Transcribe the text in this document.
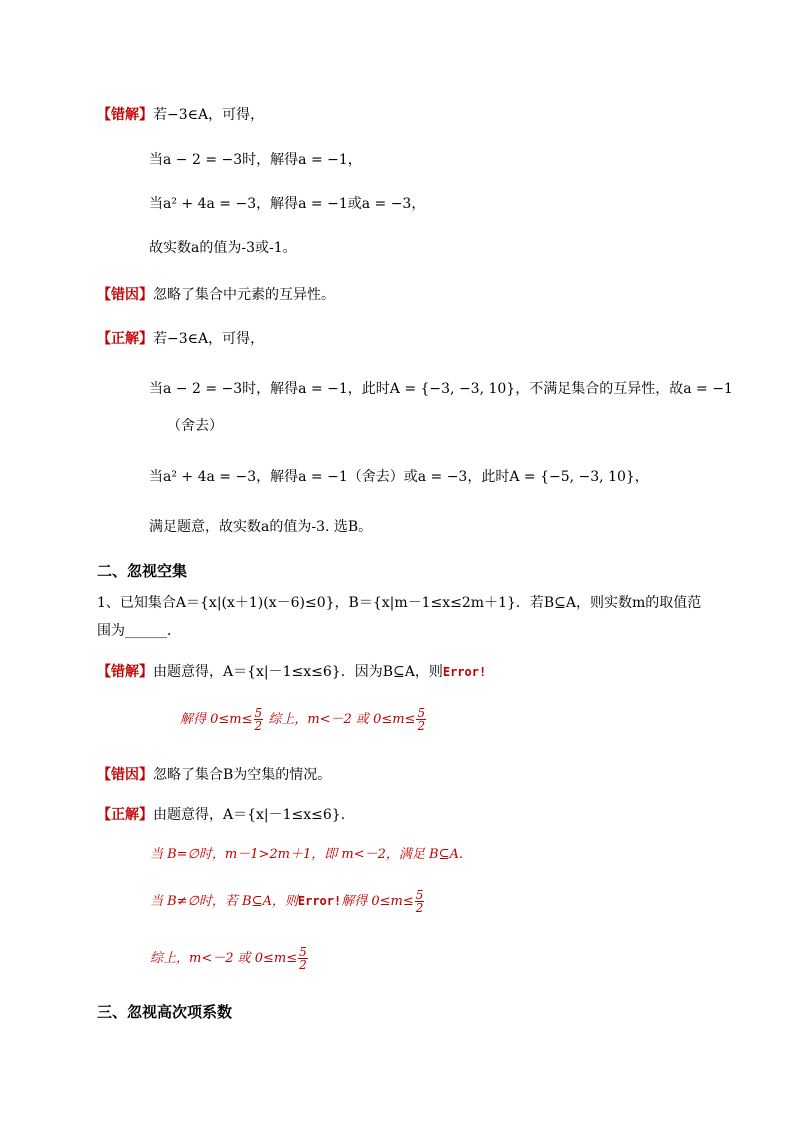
【错解】若−3∈A，可得，
当a − 2 = −3时，解得a = −1，
当a² + 4a = −3，解得a = −1或a = −3，
故实数a的值为-3或-1。
【错因】忽略了集合中元素的互异性。
【正解】若−3∈A，可得，
当a − 2 = −3时，解得a = −1，此时A = {−3, −3, 10}，不满足集合的互异性，故a = −1
（舍去）
当a² + 4a = −3，解得a = −1（舍去）或a = −3，此时A = {−5, −3, 10}，
满足题意，故实数a的值为-3. 选B。
二、忽视空集
1、已知集合A＝{x|(x＋1)(x－6)≤0}，B＝{x|m－1≤x≤2m＋1}．若B⊆A，则实数m的取值范
围为______．
【错解】由题意得，A＝{x|－1≤x≤6}．因为B⊆A，则Error!
解得 $0\le m\le \frac{5}{2}$ 综上，m<－2 或 $0\le m\le \frac{5}{2}$
【错因】忽略了集合B为空集的情况。
【正解】由题意得，A＝{x|－1≤x≤6}.
当 B=∅时，m－1>2m＋1，即 m<－2，满足 B⊆A.
当 B≠∅时，若 B⊆A，则Error!解得 $0\le m\le \frac{5}{2}$
综上，m<－2 或 $0\le m\le \frac{5}{2}$
三、忽视高次项系数
